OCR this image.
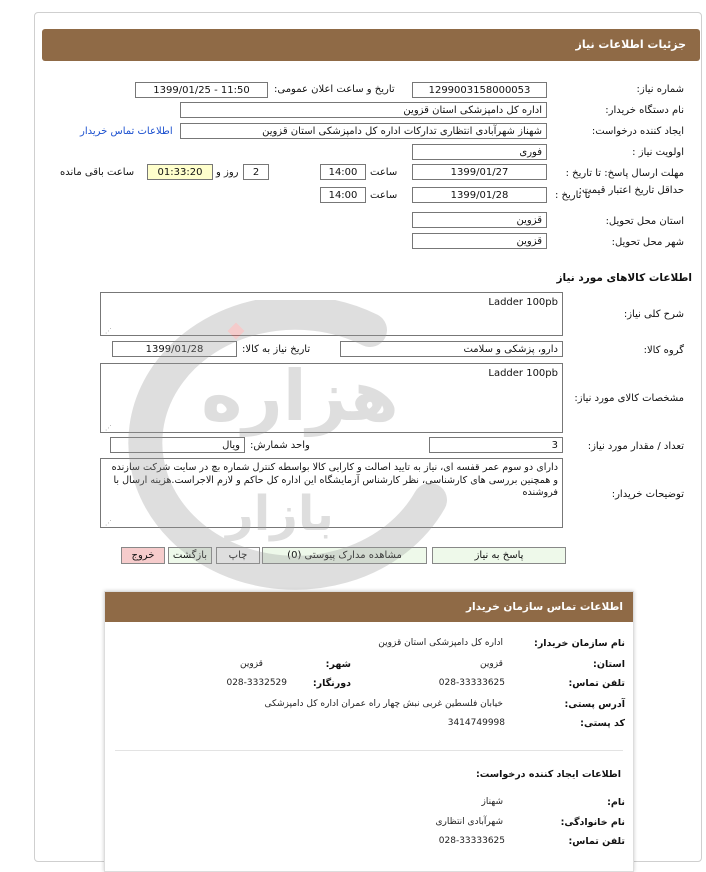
جزئیات اطلاعات نیاز
شماره نیاز:
1299003158000053
تاریخ و ساعت اعلان عمومی:
1399/01/25 - 11:50
نام دستگاه خریدار:
اداره کل دامپزشکی استان قزوین
ایجاد کننده درخواست:
شهناز شهرآبادی انتظاری تدارکات اداره کل دامپزشکی استان قزوین
اطلاعات تماس خریدار
اولویت نیاز :
فوری
مهلت ارسال پاسخ: تا تاریخ :
1399/01/27
ساعت
14:00
2
روز و
01:33:20
ساعت باقی مانده
حداقل تاریخ اعتبار قیمت:
تا تاریخ :
1399/01/28
ساعت
14:00
استان محل تحویل:
قزوین
شهر محل تحویل:
قزوین
اطلاعات کالاهای مورد نیاز
شرح کلی نیاز:
Ladder 100pb
⋰
گروه کالا:
دارو، پزشکی و سلامت
تاریخ نیاز به کالا:
1399/01/28
مشخصات کالای مورد نیاز:
Ladder 100pb
⋰
تعداد / مقدار مورد نیاز:
3
واحد شمارش:
ویال
توضیحات خریدار:
دارای دو سوم عمر قفسه ای، نیاز به تایید اصالت و کارایی کالا بواسطه کنترل شماره بچ در سایت شرکت سازنده و همچنین بررسی های کارشناسی، نظر کارشناس آزمایشگاه این اداره کل حاکم و لازم الاجراست.هزینه ارسال با فروشنده
⋰
پاسخ به نیاز
مشاهده مدارک پیوستی (0)
چاپ
بازگشت
خروج
اطلاعات تماس سازمان خریدار
نام سازمان خریدار:
اداره کل دامپزشکی استان قزوین
استان:
قزوین
شهر:
قزوین
تلفن تماس:
028-33333625
دورنگار:
028-3332529
آدرس پستی:
خیابان فلسطین غربی نبش چهار راه عمران اداره کل دامپزشکی
کد پستی:
3414749998
اطلاعات ایجاد کننده درخواست:
نام:
شهناز
نام خانوادگی:
شهرآبادی انتظاری
تلفن تماس:
028-33333625
هزاره
بازار
